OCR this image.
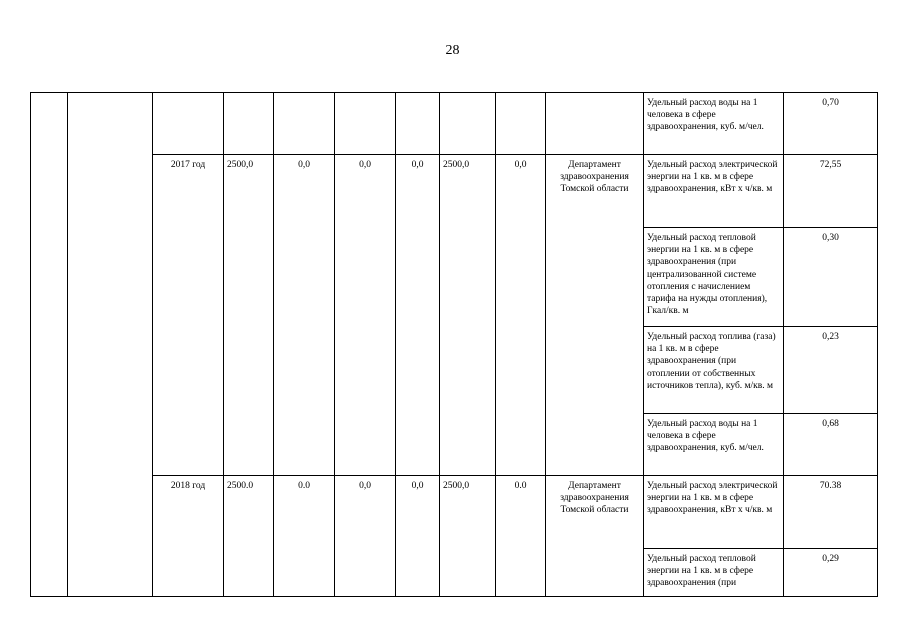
28
										Удельный расход воды на 1 человека в сфере здравоохранения, куб. м/чел.	0,70
		2017 год	2500,0	0,0	0,0	0,0	2500,0	0,0	Департамент здравоохранения Томской области	Удельный расход электрической энергии на 1 кв. м в сфере здравоохранения, кВт х ч/кв. м	72,55
										Удельный расход тепловой энергии на 1 кв. м в сфере здравоохранения (при централизованной системе отопления с начислением тарифа на нужды отопления), Гкал/кв. м	0,30
										Удельный расход топлива (газа) на 1 кв. м в сфере здравоохранения (при отоплении от собственных источников тепла), куб. м/кв. м	0,23
										Удельный расход воды на 1 человека в сфере здравоохранения, куб. м/чел.	0,68
		2018 год	2500.0	0.0	0,0	0,0	2500,0	0.0	Департамент здравоохранения Томской области	Удельный расход электрической энергии на 1 кв. м в сфере здравоохранения, кВт х ч/кв. м	70.38
										Удельный расход тепловой энергии на 1 кв. м в сфере здравоохранения (при	0,29
